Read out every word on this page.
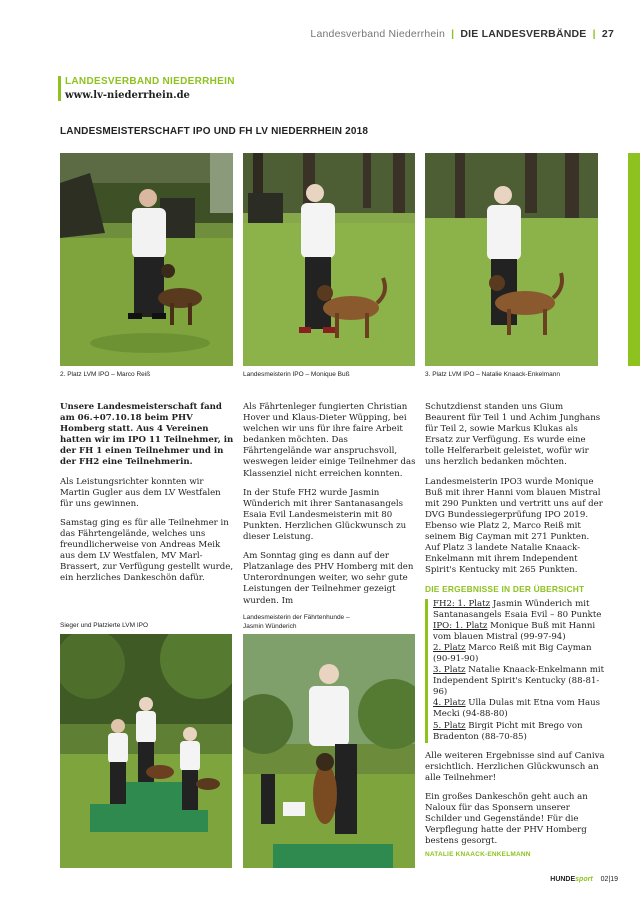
Landesverband Niederrhein | DIE LANDESVERBÄNDE | 27
LANDESVERBAND NIEDERRHEIN
www.lv-niederrhein.de
LANDESMEISTERSCHAFT IPO UND FH LV NIEDERRHEIN 2018
2. Platz LVM IPO – Marco Reiß	Landesmeisterin IPO – Monique Buß	3. Platz LVM IPO – Natalie Knaack-Enkelmann

Unsere Landesmeisterschaft fand am 06.+07.10.18 beim PHV Homberg statt. Aus 4 Vereinen hatten wir im IPO 11 Teilnehmer, in der FH 1 einen Teilnehmer und in der FH2 eine Teilnehmerin.

Als Leistungsrichter konnten wir Martin Gugler aus dem LV Westfalen für uns gewinnen.

Samstag ging es für alle Teilnehmer in das Fährtengelände, welches uns freundlicherweise von Andreas Meik aus dem LV Westfalen, MV Marl-Brassert, zur Verfügung gestellt wurde, ein herzliches Dankeschön dafür.

Als Fährtenleger fungierten Christian Hover und Klaus-Dieter Wüpping, bei welchen wir uns für ihre faire Arbeit bedanken möchten. Das Fährtengelände war anspruchsvoll, weswegen leider einige Teilnehmer das Klassenziel nicht erreichen konnten.

In der Stufe FH2 wurde Jasmin Wünderich mit ihrer Santanasangels Esaia Evil Landesmeisterin mit 80 Punkten. Herzlichen Glückwunsch zu dieser Leistung.

Am Sonntag ging es dann auf der Platzanlage des PHV Homberg mit den Unterordnungen weiter, wo sehr gute Leistungen der Teilnehmer gezeigt wurden. Im

Schutzdienst standen uns Gium Beaurent für Teil 1 und Achim Junghans für Teil 2, sowie Markus Klukas als Ersatz zur Verfügung. Es wurde eine tolle Helferarbeit geleistet, wofür wir uns herzlich bedanken möchten.

Landesmeisterin IPO3 wurde Monique Buß mit ihrer Hanni vom blauen Mistral mit 290 Punkten und vertritt uns auf der DVG Bundessiegerprüfung IPO 2019. Ebenso wie Platz 2, Marco Reiß mit seinem Big Cayman mit 271 Punkten. Auf Platz 3 landete Natalie Knaack-Enkelmann mit ihrem Independent Spirit's Kentucky mit 265 Punkten.

DIE ERGEBNISSE IN DER ÜBERSICHT
FH2: 1. Platz Jasmin Wünderich mit Santanasangels Esaia Evil – 80 Punkte
IPO: 1. Platz Monique Buß mit Hanni vom blauen Mistral (99-97-94)
2. Platz Marco Reiß mit Big Cayman (90-91-90)
3. Platz Natalie Knaack-Enkelmann mit Independent Spirit's Kentucky (88-81-96)
4. Platz Ulla Dulas mit Etna vom Haus Mecki (94-88-80)
5. Platz Birgit Picht mit Brego von Bradenton (88-70-85)

Alle weiteren Ergebnisse sind auf Caniva ersichtlich. Herzlichen Glückwunsch an alle Teilnehmer!

Ein großes Dankeschön geht auch an Naloux für das Sponsern unserer Schilder und Gegenstände! Für die Verpflegung hatte der PHV Homberg bestens gesorgt.

NATALIE KNAACK-ENKELMANN
Sieger und Platzierte LVM IPO
Landesmeisterin der Fährtenhunde –
Jasmin Wünderich
HUNDEsport 02|19
